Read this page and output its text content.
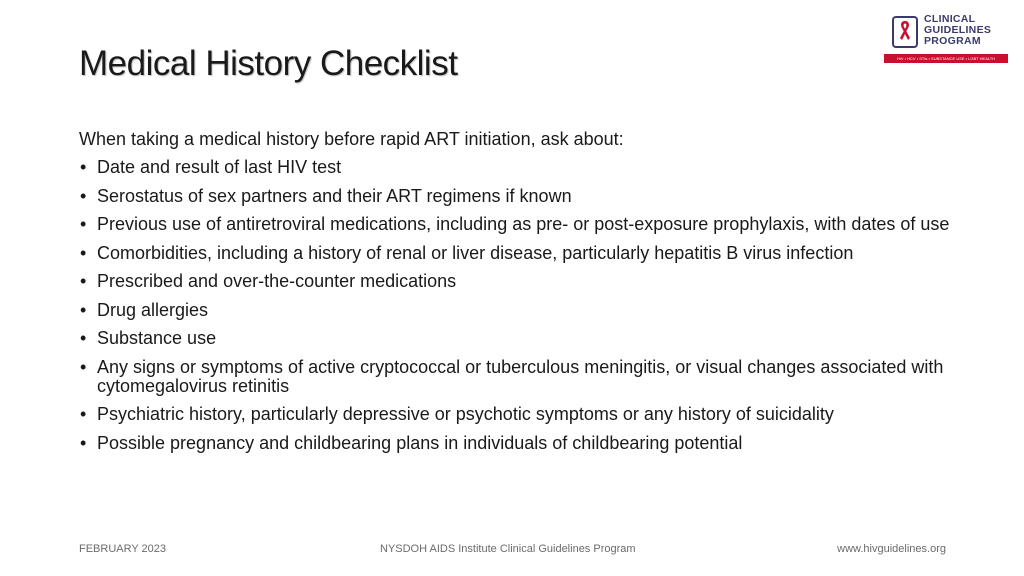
Medical History Checklist
CLINICAL
GUIDELINES
PROGRAM
HIV • HCV • STIs • SUBSTANCE USE • LGBT HEALTH

When taking a medical history before rapid ART initiation, ask about:

• Date and result of last HIV test
• Serostatus of sex partners and their ART regimens if known
• Previous use of antiretroviral medications, including as pre- or post-exposure prophylaxis, with dates of use
• Comorbidities, including a history of renal or liver disease, particularly hepatitis B virus infection
• Prescribed and over-the-counter medications
• Drug allergies
• Substance use
• Any signs or symptoms of active cryptococcal or tuberculous meningitis, or visual changes associated with cytomegalovirus retinitis
• Psychiatric history, particularly depressive or psychotic symptoms or any history of suicidality
• Possible pregnancy and childbearing plans in individuals of childbearing potential
FEBRUARY 2023	NYSDOH AIDS Institute Clinical Guidelines Program	www.hivguidelines.org
